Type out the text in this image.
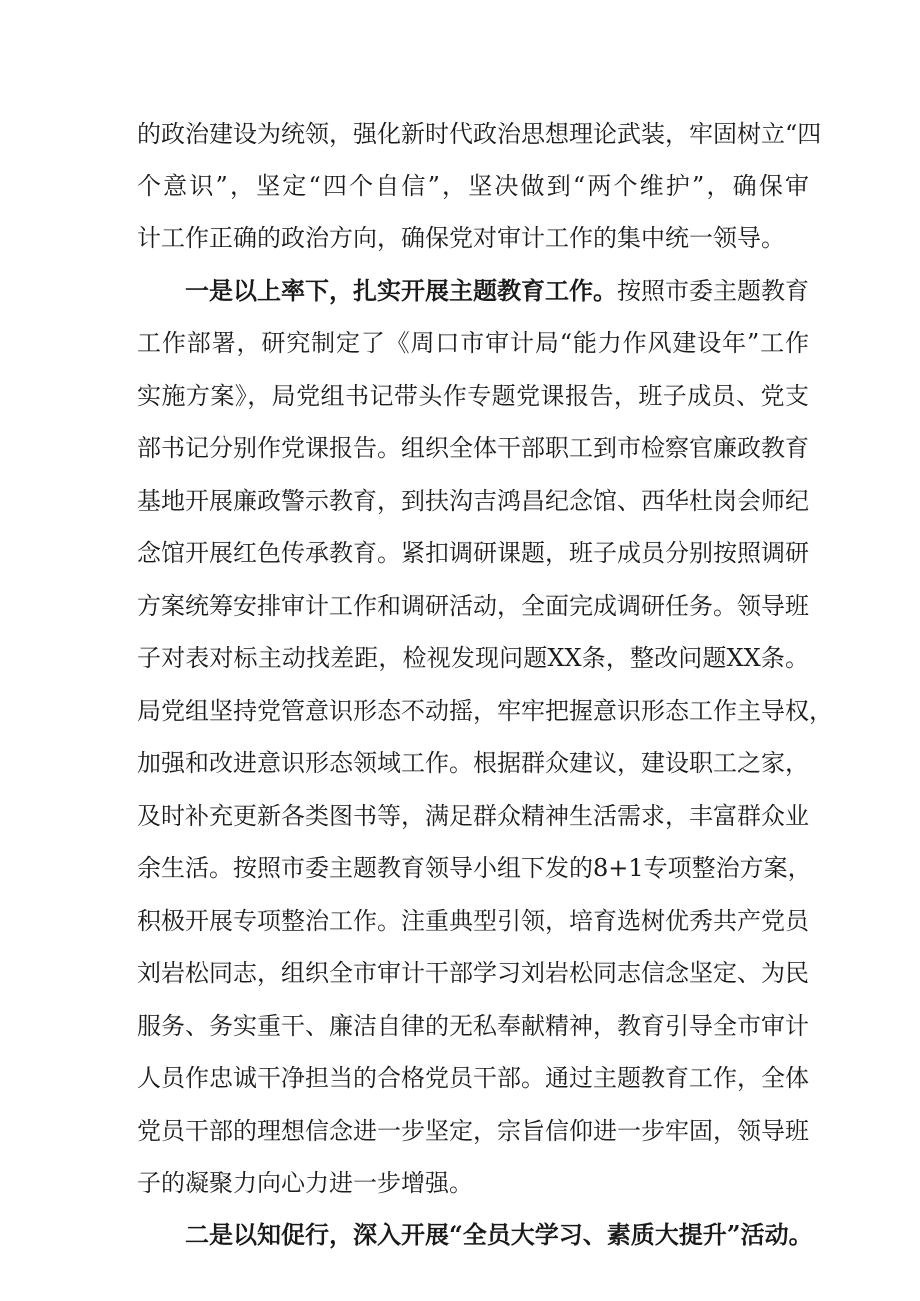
的政治建设为统领，强化新时代政治思想理论武装，牢固树立“四
个意识”，坚定“四个自信”，坚决做到“两个维护”，确保审
计工作正确的政治方向，确保党对审计工作的集中统一领导。
一是以上率下，扎实开展主题教育工作。按照市委主题教育
工作部署，研究制定了《周口市审计局“能力作风建设年”工作
实施方案》，局党组书记带头作专题党课报告，班子成员、党支
部书记分别作党课报告。组织全体干部职工到市检察官廉政教育
基地开展廉政警示教育，到扶沟吉鸿昌纪念馆、西华杜岗会师纪
念馆开展红色传承教育。紧扣调研课题，班子成员分别按照调研
方案统筹安排审计工作和调研活动，全面完成调研任务。领导班
子对表对标主动找差距，检视发现问题XX条，整改问题XX条。
局党组坚持党管意识形态不动摇，牢牢把握意识形态工作主导权，
加强和改进意识形态领域工作。根据群众建议，建设职工之家，
及时补充更新各类图书等，满足群众精神生活需求，丰富群众业
余生活。按照市委主题教育领导小组下发的8+1专项整治方案，
积极开展专项整治工作。注重典型引领，培育选树优秀共产党员
刘岩松同志，组织全市审计干部学习刘岩松同志信念坚定、为民
服务、务实重干、廉洁自律的无私奉献精神，教育引导全市审计
人员作忠诚干净担当的合格党员干部。通过主题教育工作，全体
党员干部的理想信念进一步坚定，宗旨信仰进一步牢固，领导班
子的凝聚力向心力进一步增强。
二是以知促行，深入开展“全员大学习、素质大提升”活动。
